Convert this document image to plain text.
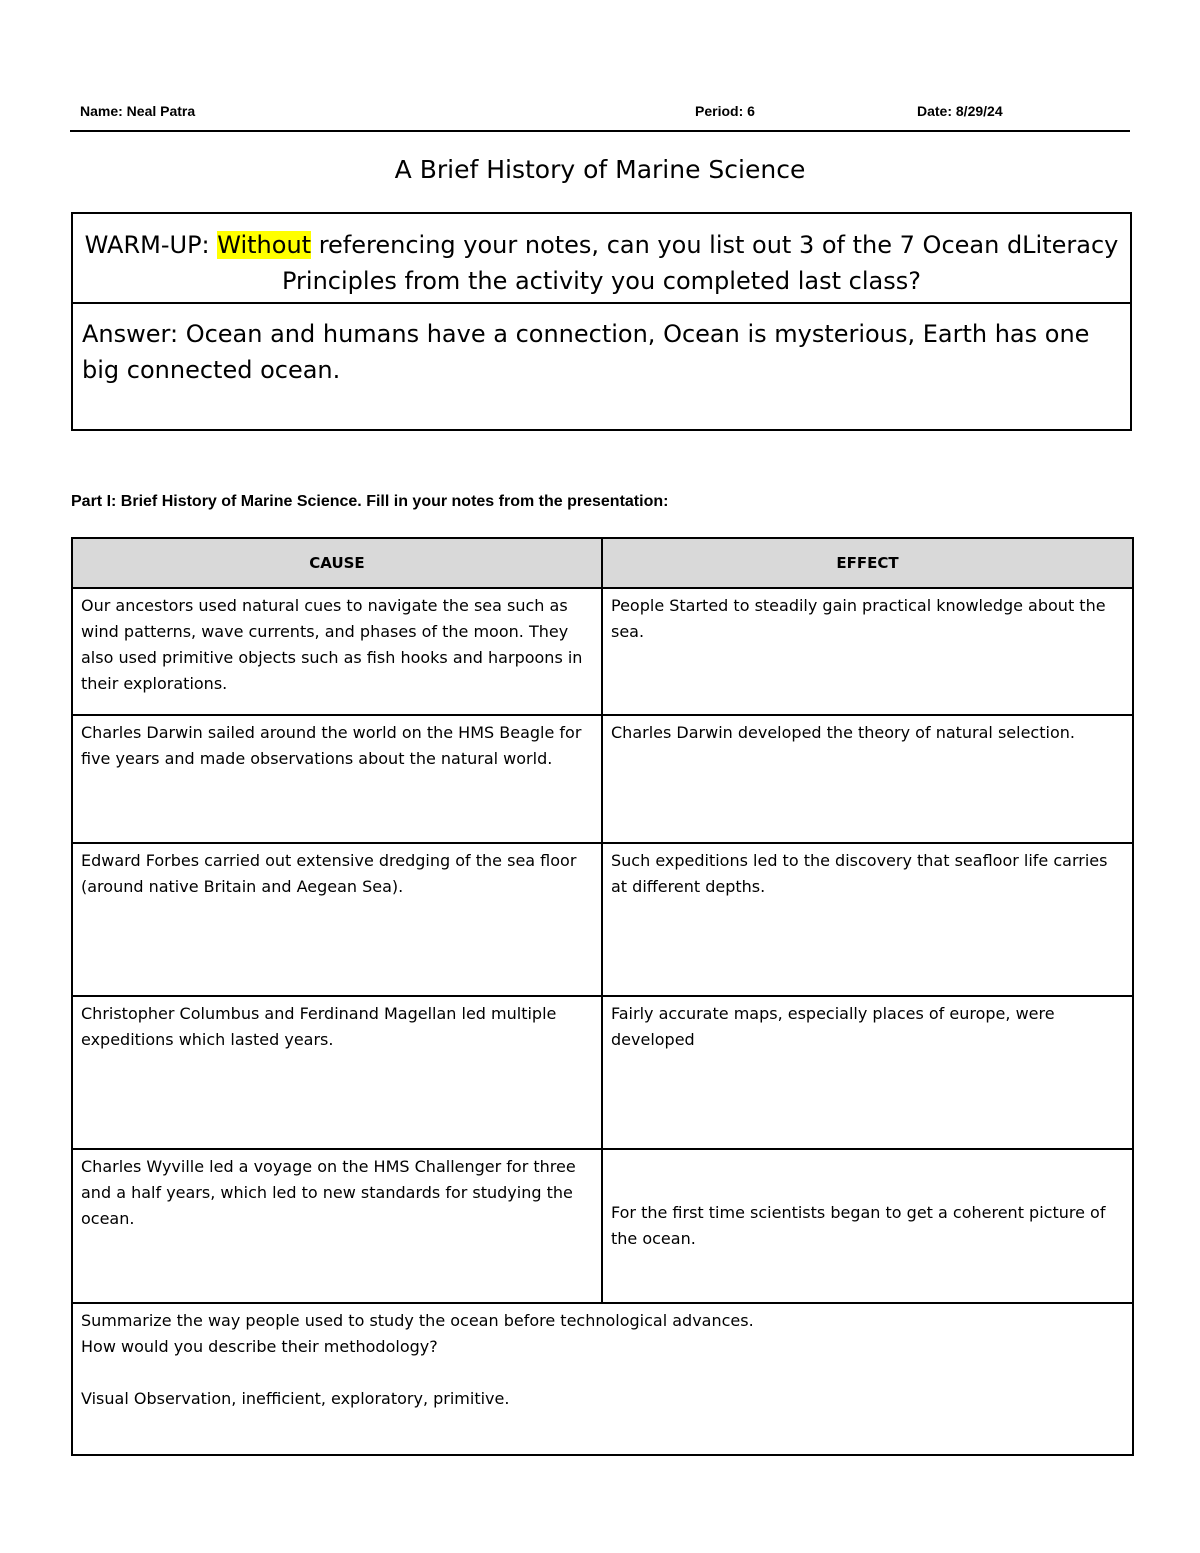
Name: Neal Patra	Period: 6	Date: 8/29/24
A Brief History of Marine Science
WARM-UP: Without referencing your notes, can you list out 3 of the 7 Ocean dLiteracy Principles from the activity you completed last class?
Answer: Ocean and humans have a connection, Ocean is mysterious, Earth has one big connected ocean.
Part I: Brief History of Marine Science. Fill in your notes from the presentation:
CAUSE	EFFECT
Our ancestors used natural cues to navigate the sea such as wind patterns, wave currents, and phases of the moon. They also used primitive objects such as fish hooks and harpoons in their explorations.	People Started to steadily gain practical knowledge about the sea.
Charles Darwin sailed around the world on the HMS Beagle for five years and made observations about the natural world.	Charles Darwin developed the theory of natural selection.
Edward Forbes carried out extensive dredging of the sea floor (around native Britain and Aegean Sea).	Such expeditions led to the discovery that seafloor life carries at different depths.
Christopher Columbus and Ferdinand Magellan led multiple expeditions which lasted years.	Fairly accurate maps, especially places of europe, were developed
Charles Wyville led a voyage on the HMS Challenger for three and a half years, which led to new standards for studying the ocean.	For the first time scientists began to get a coherent picture of the ocean.

Summarize the way people used to study the ocean before technological advances.
How would you describe their methodology?
Visual Observation, inefficient, exploratory, primitive.	
